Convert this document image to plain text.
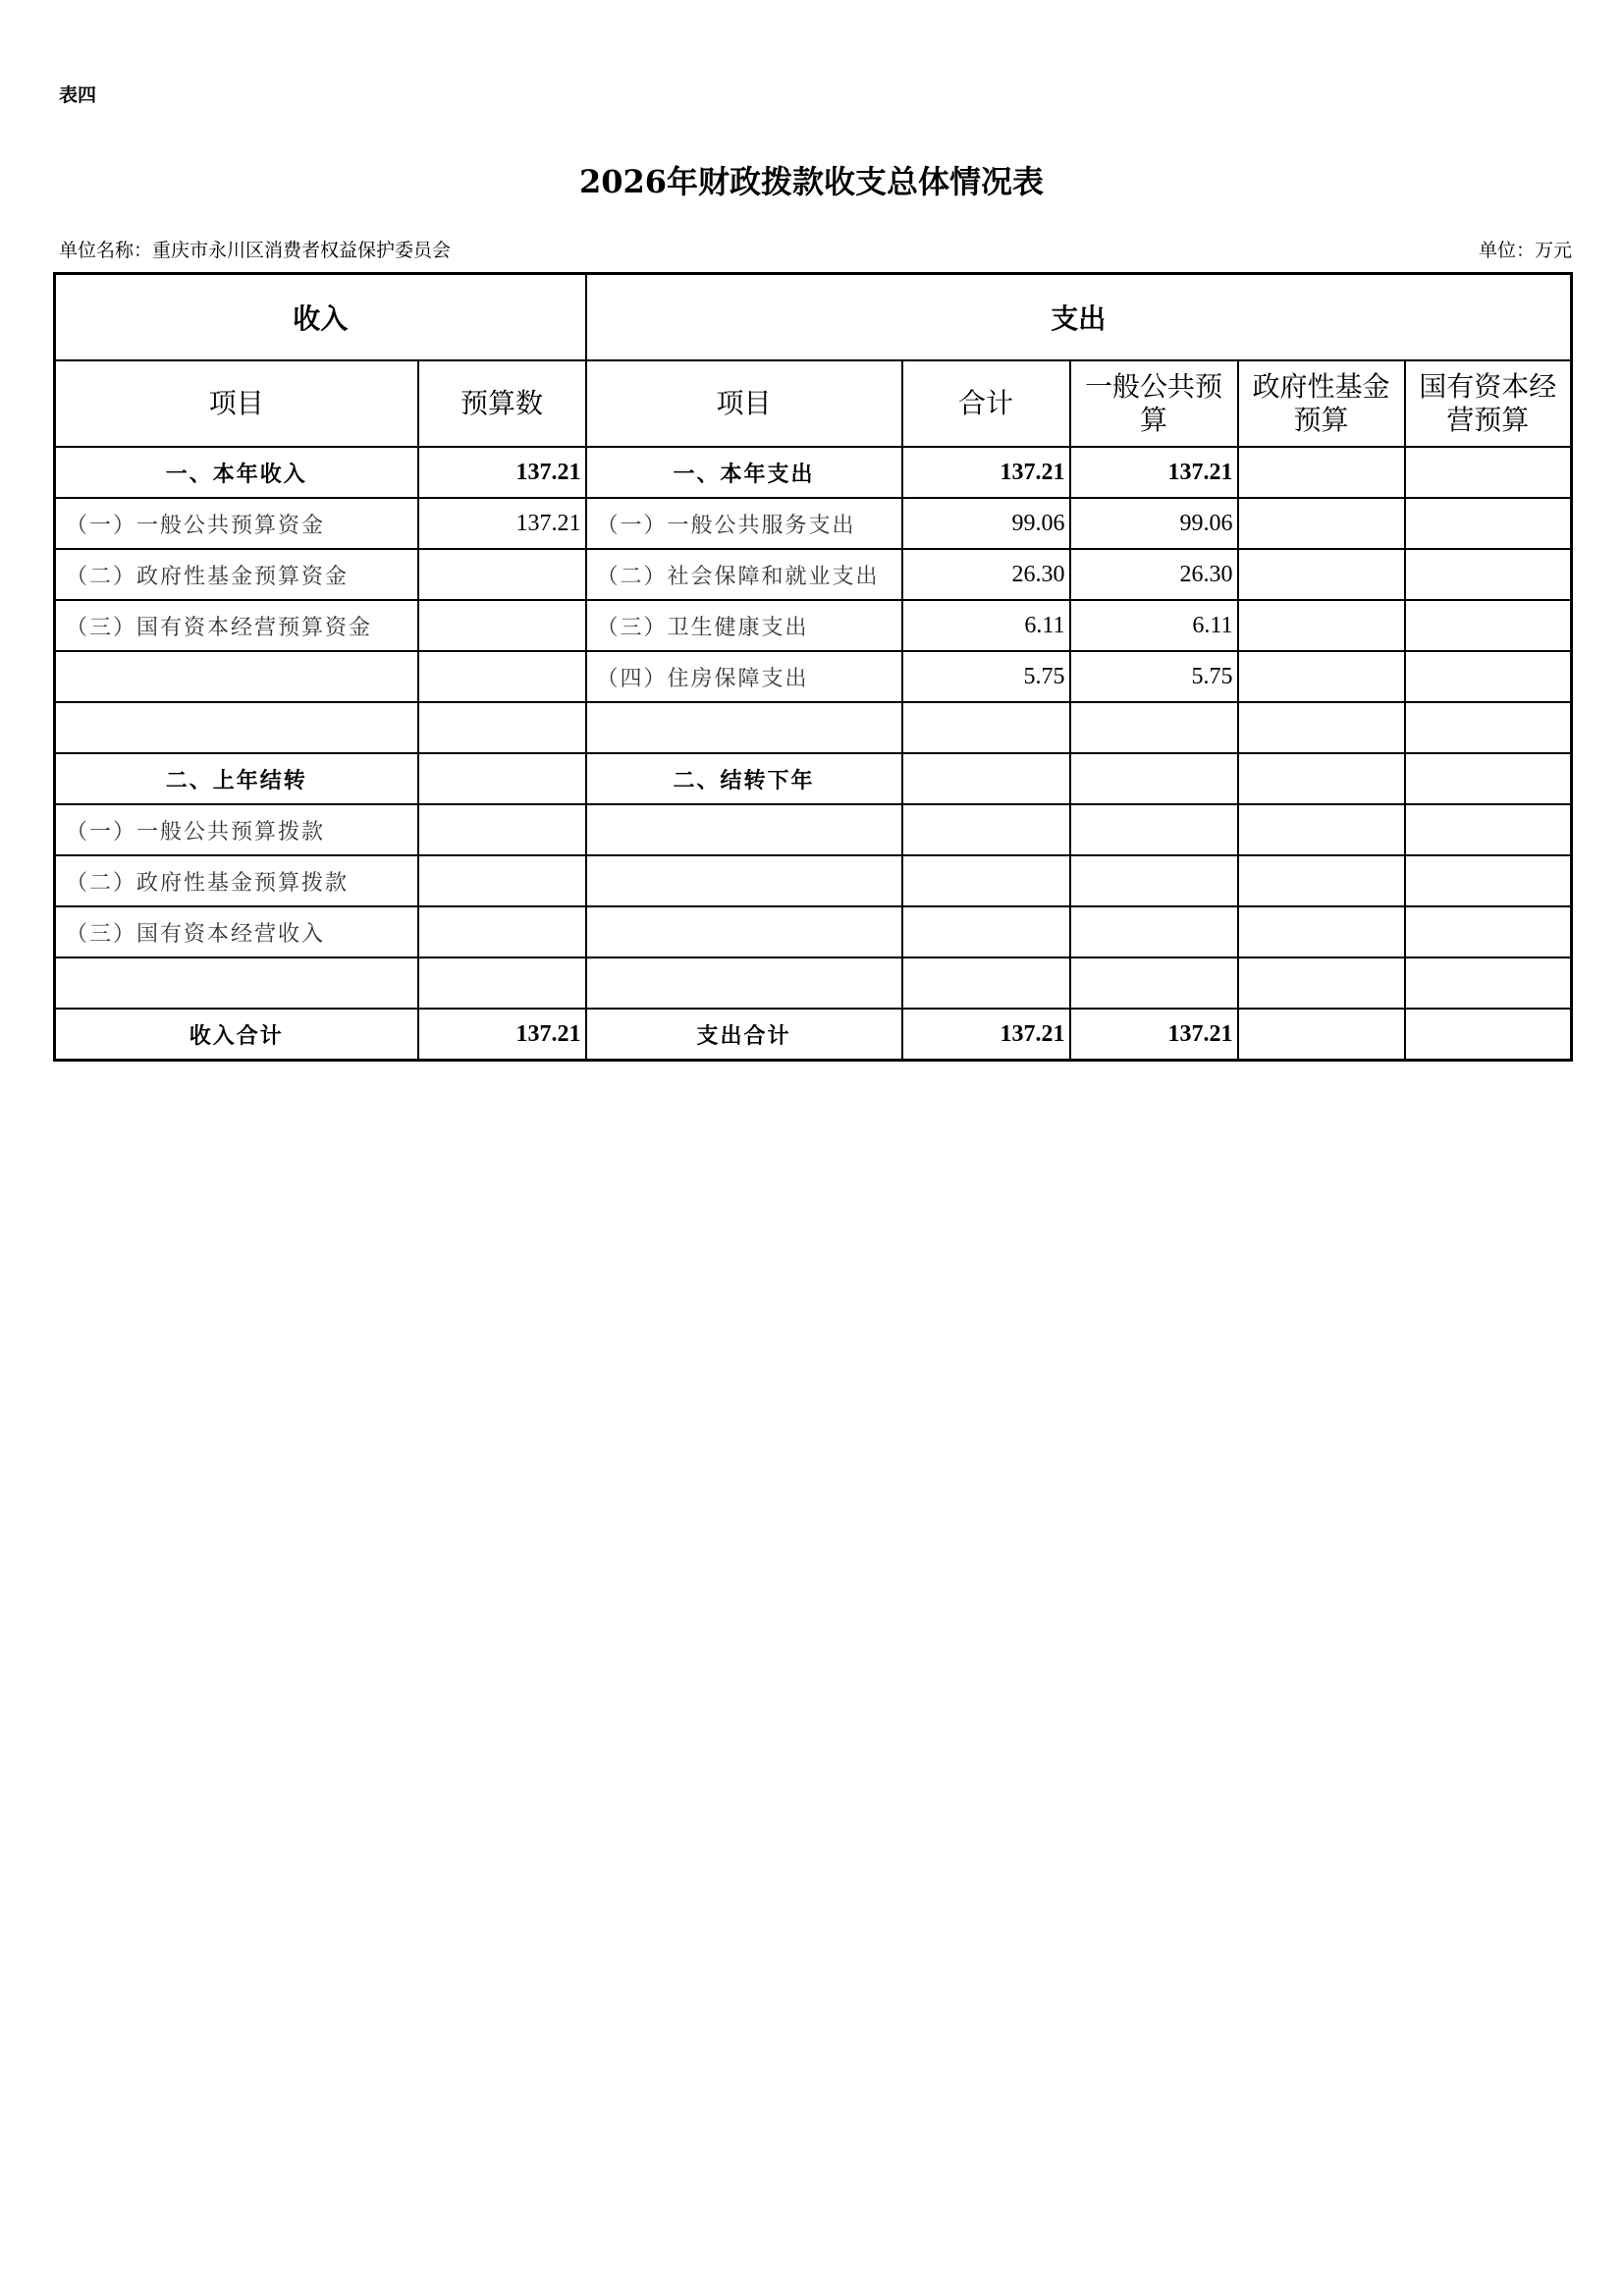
表四
2026年财政拨款收支总体情况表
单位名称：重庆市永川区消费者权益保护委员会	单位：万元
收入		支出				
项目	预算数	项目	合计	一般公共预算	政府性基金预算	国有资本经营预算
一、本年收入	137.21	一、本年支出	137.21	137.21		
（一）一般公共预算资金	137.21	（一）一般公共服务支出	99.06	99.06		
（二）政府性基金预算资金		（二）社会保障和就业支出	26.30	26.30		
（三）国有资本经营预算资金		（三）卫生健康支出	6.11	6.11		
		（四）住房保障支出	5.75	5.75		

二、上年结转		二、结转下年				
（一）一般公共预算拨款						
（二）政府性基金预算拨款						
（三）国有资本经营收入						

收入合计	137.21	支出合计	137.21	137.21		
